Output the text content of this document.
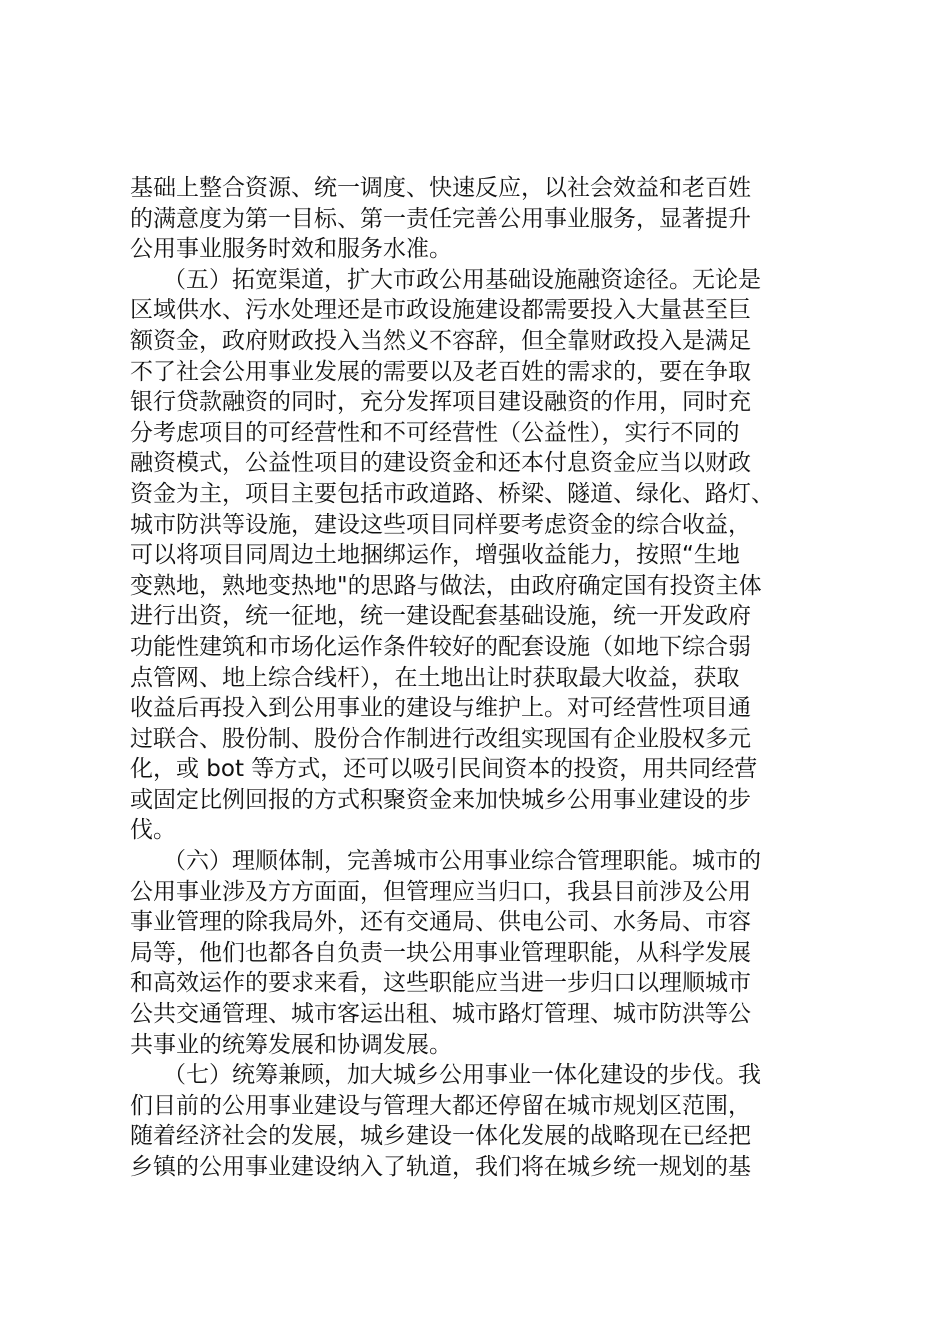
基础上整合资源、统一调度、快速反应，以社会效益和老百姓
的满意度为第一目标、第一责任完善公用事业服务，显著提升
公用事业服务时效和服务水准。
（五）拓宽渠道，扩大市政公用基础设施融资途径。无论是
区域供水、污水处理还是市政设施建设都需要投入大量甚至巨
额资金，政府财政投入当然义不容辞，但全靠财政投入是满足
不了社会公用事业发展的需要以及老百姓的需求的，要在争取
银行贷款融资的同时，充分发挥项目建设融资的作用，同时充
分考虑项目的可经营性和不可经营性（公益性），实行不同的
融资模式，公益性项目的建设资金和还本付息资金应当以财政
资金为主，项目主要包括市政道路、桥梁、隧道、绿化、路灯、
城市防洪等设施，建设这些项目同样要考虑资金的综合收益，
可以将项目同周边土地捆绑运作，增强收益能力，按照“生地
变熟地，熟地变热地"的思路与做法，由政府确定国有投资主体
进行出资，统一征地，统一建设配套基础设施，统一开发政府
功能性建筑和市场化运作条件较好的配套设施（如地下综合弱
点管网、地上综合线杆），在土地出让时获取最大收益，获取
收益后再投入到公用事业的建设与维护上。对可经营性项目通
过联合、股份制、股份合作制进行改组实现国有企业股权多元
化，或 bot 等方式，还可以吸引民间资本的投资，用共同经营
或固定比例回报的方式积聚资金来加快城乡公用事业建设的步
伐。
（六）理顺体制，完善城市公用事业综合管理职能。城市的
公用事业涉及方方面面，但管理应当归口，我县目前涉及公用
事业管理的除我局外，还有交通局、供电公司、水务局、市容
局等，他们也都各自负责一块公用事业管理职能，从科学发展
和高效运作的要求来看，这些职能应当进一步归口以理顺城市
公共交通管理、城市客运出租、城市路灯管理、城市防洪等公
共事业的统筹发展和协调发展。
（七）统筹兼顾，加大城乡公用事业一体化建设的步伐。我
们目前的公用事业建设与管理大都还停留在城市规划区范围，
随着经济社会的发展，城乡建设一体化发展的战略现在已经把
乡镇的公用事业建设纳入了轨道，我们将在城乡统一规划的基
